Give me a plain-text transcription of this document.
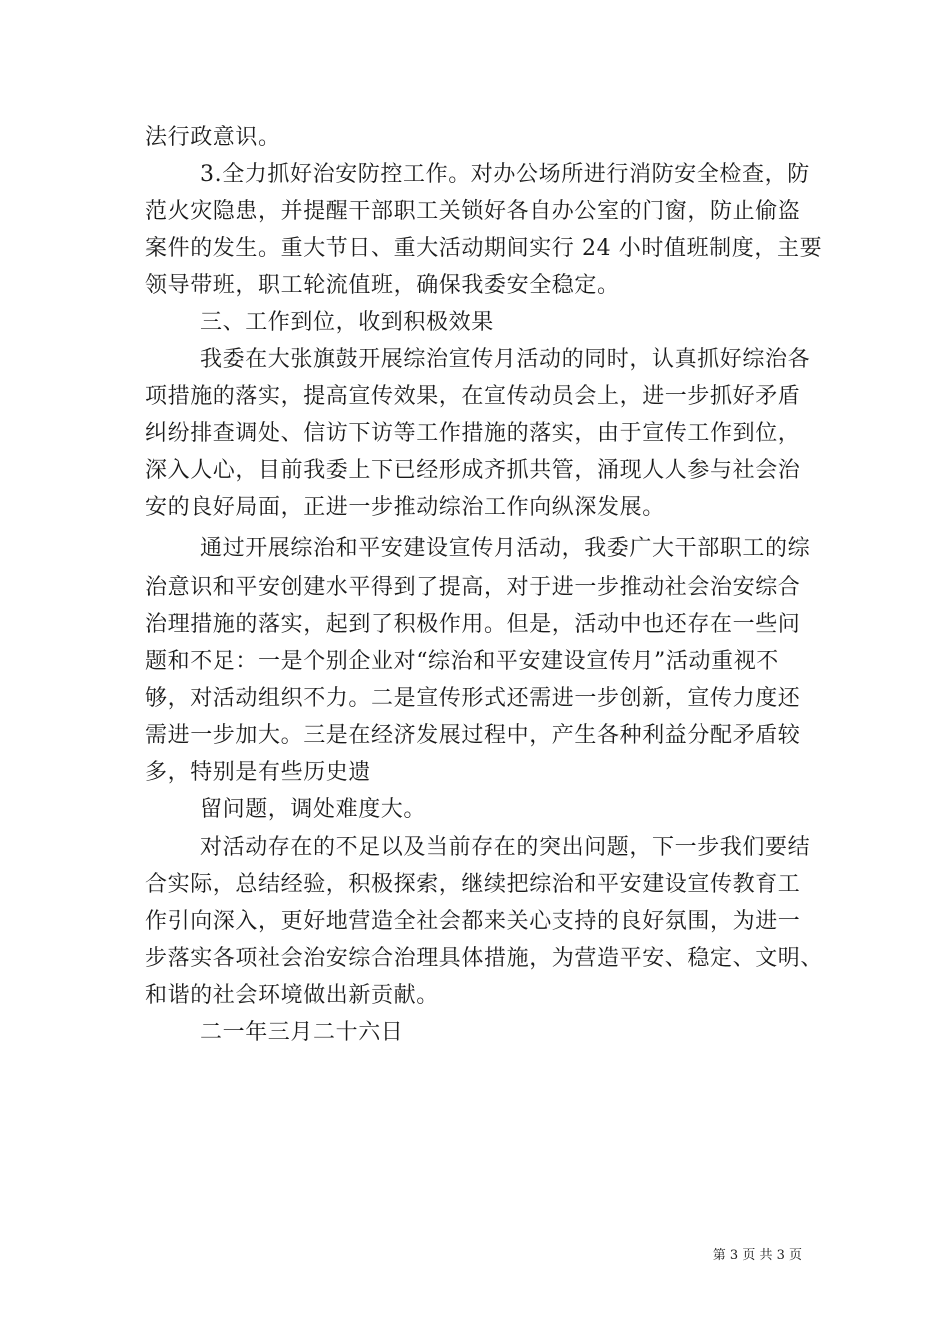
法行政意识。
3.全力抓好治安防控工作。对办公场所进行消防安全检查，防
范火灾隐患，并提醒干部职工关锁好各自办公室的门窗，防止偷盗
案件的发生。重大节日、重大活动期间实行 24 小时值班制度，主要
领导带班，职工轮流值班，确保我委安全稳定。
三、工作到位，收到积极效果
我委在大张旗鼓开展综治宣传月活动的同时，认真抓好综治各
项措施的落实，提高宣传效果，在宣传动员会上，进一步抓好矛盾
纠纷排查调处、信访下访等工作措施的落实，由于宣传工作到位，
深入人心，目前我委上下已经形成齐抓共管，涌现人人参与社会治
安的良好局面，正进一步推动综治工作向纵深发展。
通过开展综治和平安建设宣传月活动，我委广大干部职工的综
治意识和平安创建水平得到了提高，对于进一步推动社会治安综合
治理措施的落实，起到了积极作用。但是，活动中也还存在一些问
题和不足：一是个别企业对“综治和平安建设宣传月”活动重视不
够，对活动组织不力。二是宣传形式还需进一步创新，宣传力度还
需进一步加大。三是在经济发展过程中，产生各种利益分配矛盾较
多，特别是有些历史遗
留问题，调处难度大。
对活动存在的不足以及当前存在的突出问题，下一步我们要结
合实际，总结经验，积极探索，继续把综治和平安建设宣传教育工
作引向深入，更好地营造全社会都来关心支持的良好氛围，为进一
步落实各项社会治安综合治理具体措施，为营造平安、稳定、文明、
和谐的社会环境做出新贡献。
二一年三月二十六日
第 3 页 共 3 页
